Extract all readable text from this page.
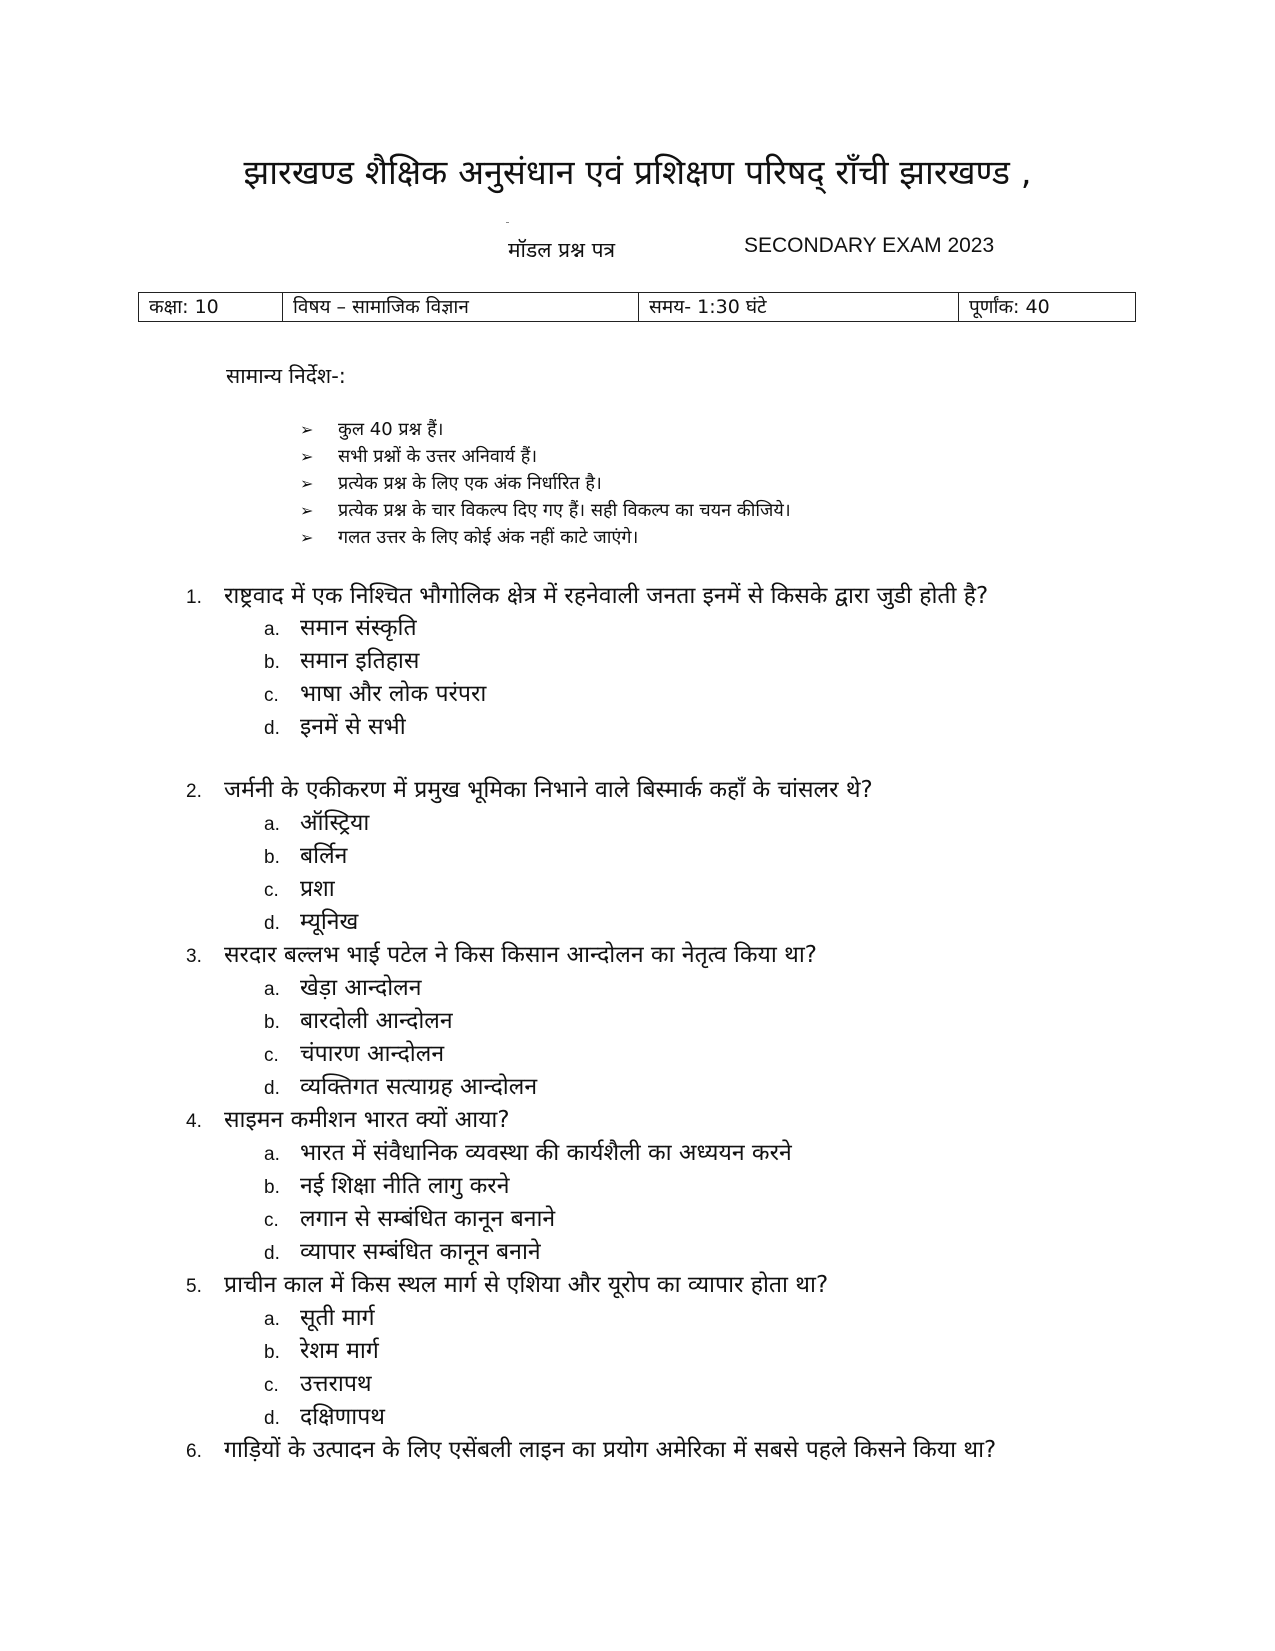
झारखण्ड शैक्षिक अनुसंधान एवं प्रशिक्षण परिषद् राँची झारखण्ड ,
मॉडल प्रश्न पत्र	SECONDARY EXAM 2023
कक्षा: 10	विषय – सामाजिक विज्ञान	समय- 1:30 घंटे	पूर्णांक: 40
सामान्य निर्देश-:
➢	कुल 40 प्रश्न हैं।
➢	सभी प्रश्नों के उत्तर अनिवार्य हैं।
➢	प्रत्येक प्रश्न के लिए एक अंक निर्धारित है।
➢	प्रत्येक प्रश्न के चार विकल्प दिए गए हैं। सही विकल्प का चयन कीजिये।
➢	गलत उत्तर के लिए कोई अंक नहीं काटे जाएंगे।
1. राष्ट्रवाद में एक निश्चित भौगोलिक क्षेत्र में रहनेवाली जनता इनमें से किसके द्वारा जुडी होती है?
a. समान संस्कृति
b. समान इतिहास
c. भाषा और लोक परंपरा
d. इनमें से सभी
2. जर्मनी के एकीकरण में प्रमुख भूमिका निभाने वाले बिस्मार्क कहाँ के चांसलर थे?
a. ऑस्ट्रिया
b. बर्लिन
c. प्रशा
d. म्यूनिख
3. सरदार बल्लभ भाई पटेल ने किस किसान आन्दोलन का नेतृत्व किया था?
a. खेड़ा आन्दोलन
b. बारदोली आन्दोलन
c. चंपारण आन्दोलन
d. व्यक्तिगत सत्याग्रह आन्दोलन
4. साइमन कमीशन भारत क्यों आया?
a. भारत में संवैधानिक व्यवस्था की कार्यशैली का अध्ययन करने
b. नई शिक्षा नीति लागु करने
c. लगान से सम्बंधित कानून बनाने
d. व्यापार सम्बंधित कानून बनाने
5. प्राचीन काल में किस स्थल मार्ग से एशिया और यूरोप का व्यापार होता था?
a. सूती मार्ग
b. रेशम मार्ग
c. उत्तरापथ
d. दक्षिणापथ
6. गाड़ियों के उत्पादन के लिए एसेंबली लाइन का प्रयोग अमेरिका में सबसे पहले किसने किया था?
